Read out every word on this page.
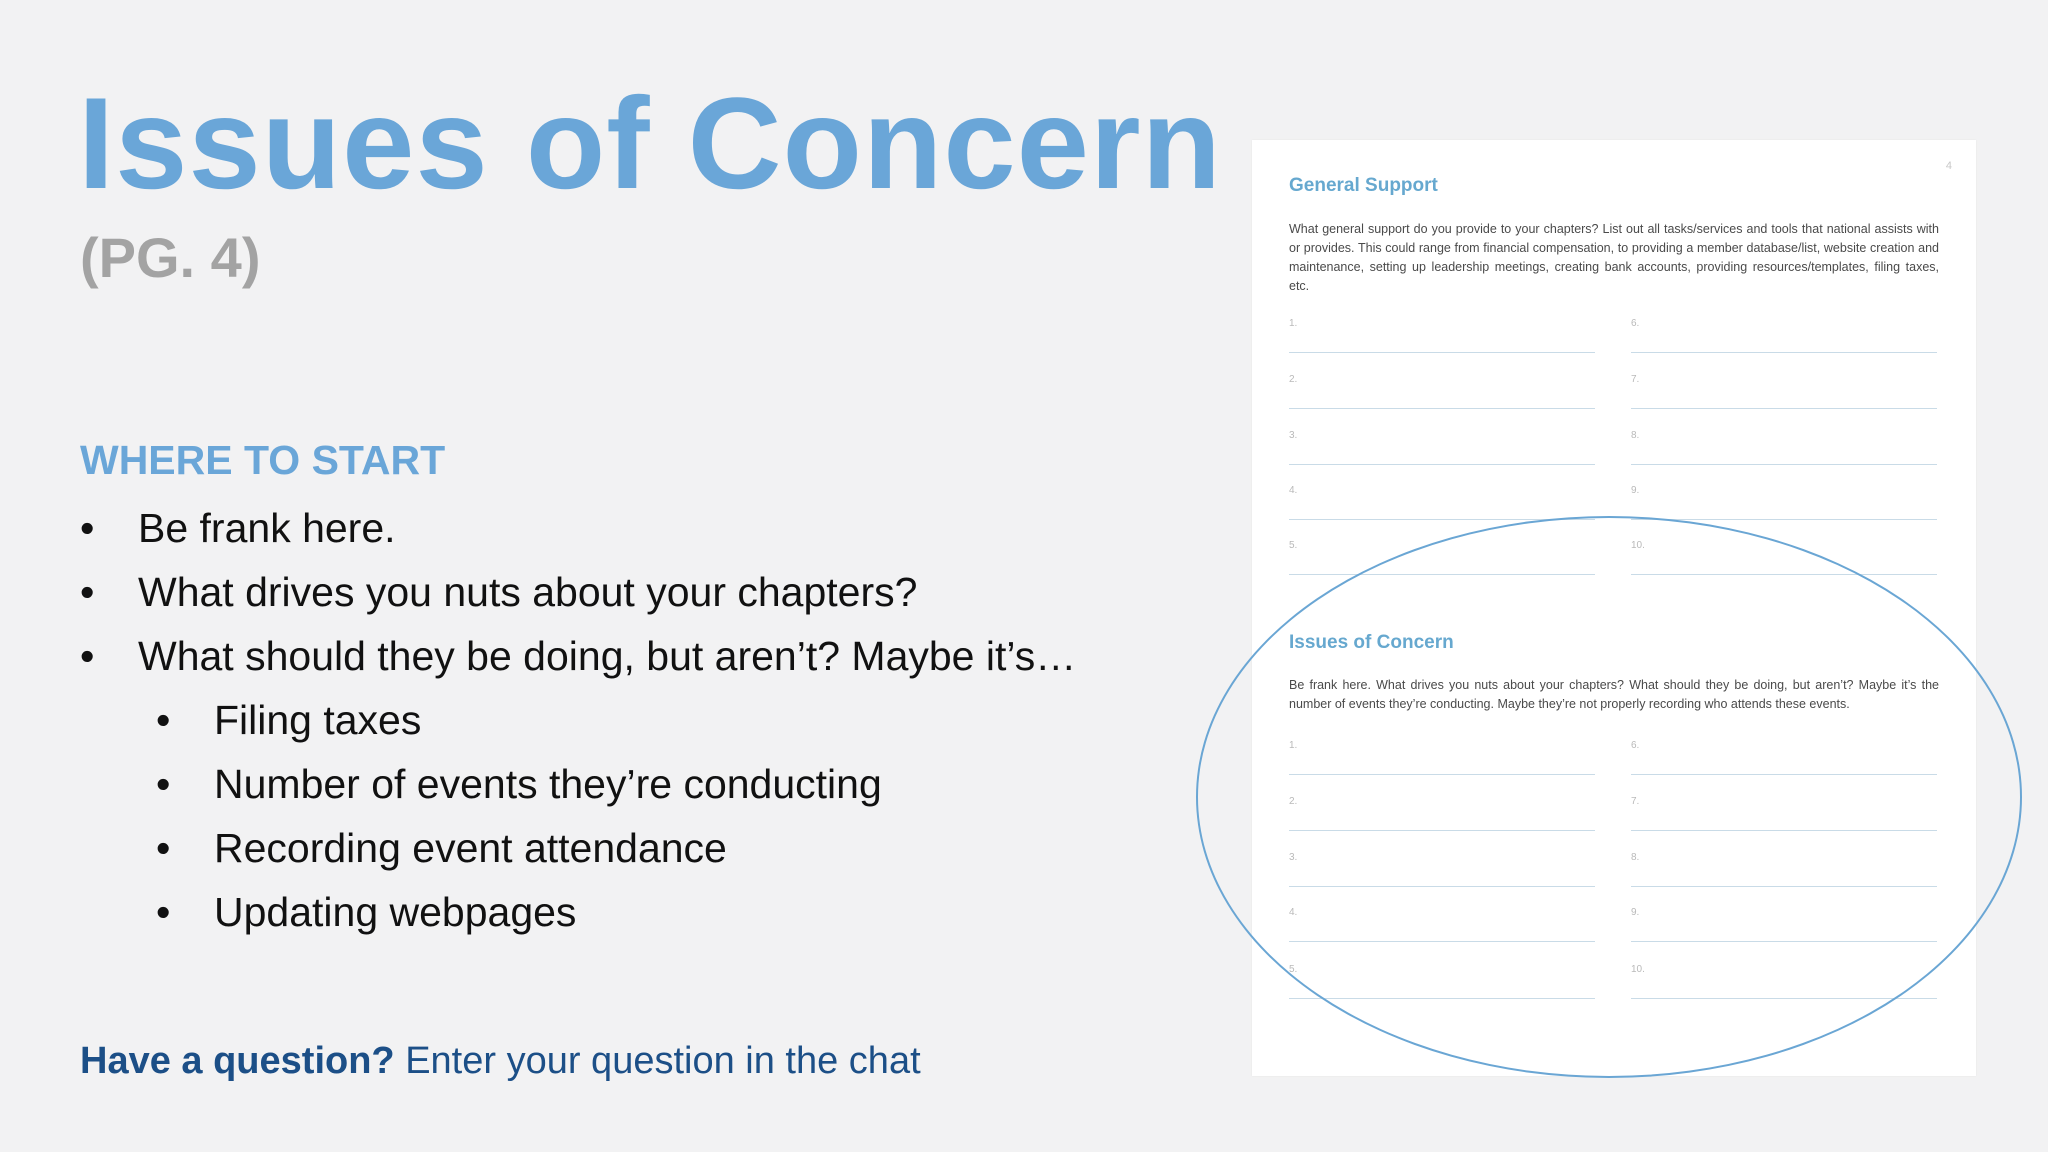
Issues of Concern
(PG. 4)
WHERE TO START
• Be frank here.
• What drives you nuts about your chapters?
• What should they be doing, but aren’t? Maybe it’s…
• Filing taxes
• Number of events they’re conducting
• Recording event attendance
• Updating webpages
Have a question? Enter your question in the chat
4
General Support

What general support do you provide to your chapters? List out all tasks/services and tools that national assists with or provides. This could range from financial compensation, to providing a member database/list, website creation and maintenance, setting up leadership meetings, creating bank accounts, providing resources/templates, filing taxes, etc.

1.
2.
3.
4.
5.
6.
7.
8.
9.
10.
Issues of Concern

Be frank here. What drives you nuts about your chapters? What should they be doing, but aren’t? Maybe it’s the number of events they’re conducting. Maybe they’re not properly recording who attends these events.

1.
2.
3.
4.
5.
6.
7.
8.
9.
10.
